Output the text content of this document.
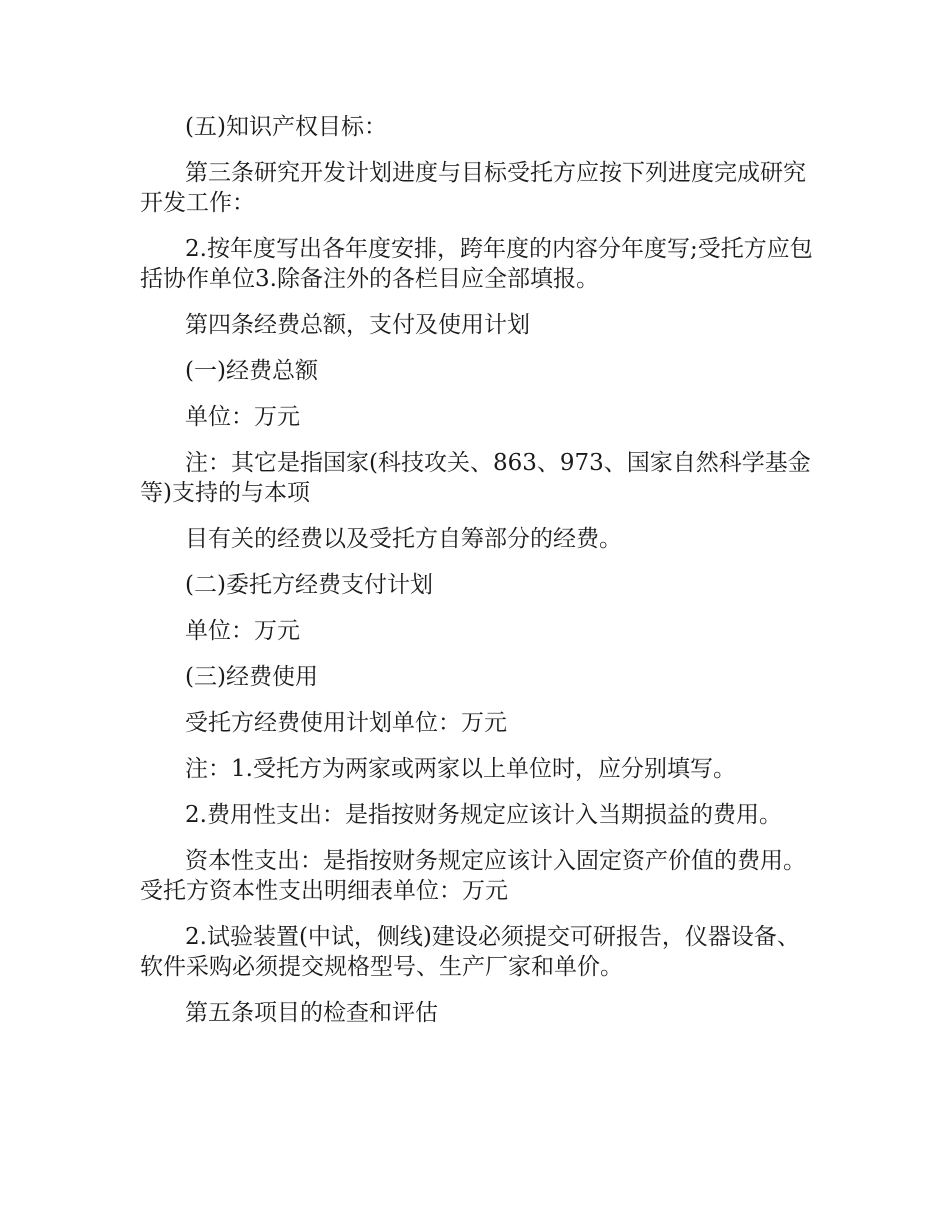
(五)知识产权目标：

第三条研究开发计划进度与目标受托方应按下列进度完成研究开发工作：

2.按年度写出各年度安排，跨年度的内容分年度写;受托方应包括协作单位3.除备注外的各栏目应全部填报。

第四条经费总额，支付及使用计划

(一)经费总额

单位：万元

注：其它是指国家(科技攻关、863、973、国家自然科学基金等)支持的与本项

目有关的经费以及受托方自筹部分的经费。

(二)委托方经费支付计划

单位：万元

(三)经费使用

受托方经费使用计划单位：万元

注：1.受托方为两家或两家以上单位时，应分别填写。

2.费用性支出：是指按财务规定应该计入当期损益的费用。

资本性支出：是指按财务规定应该计入固定资产价值的费用。受托方资本性支出明细表单位：万元

2.试验装置(中试，侧线)建设必须提交可研报告，仪器设备、软件采购必须提交规格型号、生产厂家和单价。

第五条项目的检查和评估
